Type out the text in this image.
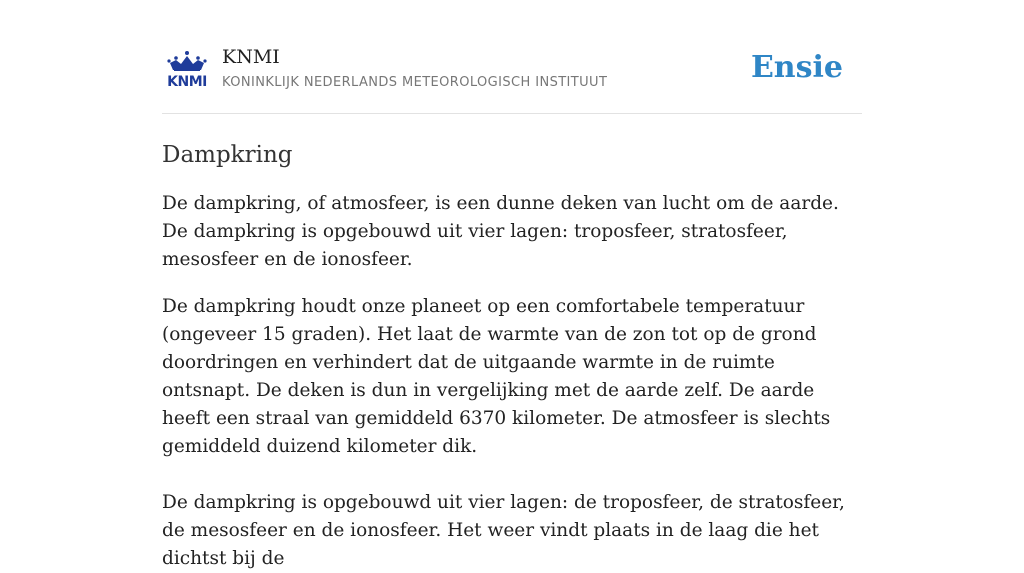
KNMI
KNMI
KONINKLIJK NEDERLANDS METEOROLOGISCH INSTITUUT	Ensie
Dampkring

De dampkring, of atmosfeer, is een dunne deken van lucht om de aarde. De dampkring is opgebouwd uit vier lagen: troposfeer, stratosfeer, mesosfeer en de ionosfeer.

De dampkring houdt onze planeet op een comfortabele temperatuur (ongeveer 15 graden). Het laat de warmte van de zon tot op de grond doordringen en verhindert dat de uitgaande warmte in de ruimte ontsnapt. De deken is dun in vergelijking met de aarde zelf. De aarde heeft een straal van gemiddeld 6370 kilometer. De atmosfeer is slechts gemiddeld duizend kilometer dik.

De dampkring is opgebouwd uit vier lagen: de troposfeer, de stratosfeer, de mesosfeer en de ionosfeer. Het weer vindt plaats in de laag die het dichtst bij de
